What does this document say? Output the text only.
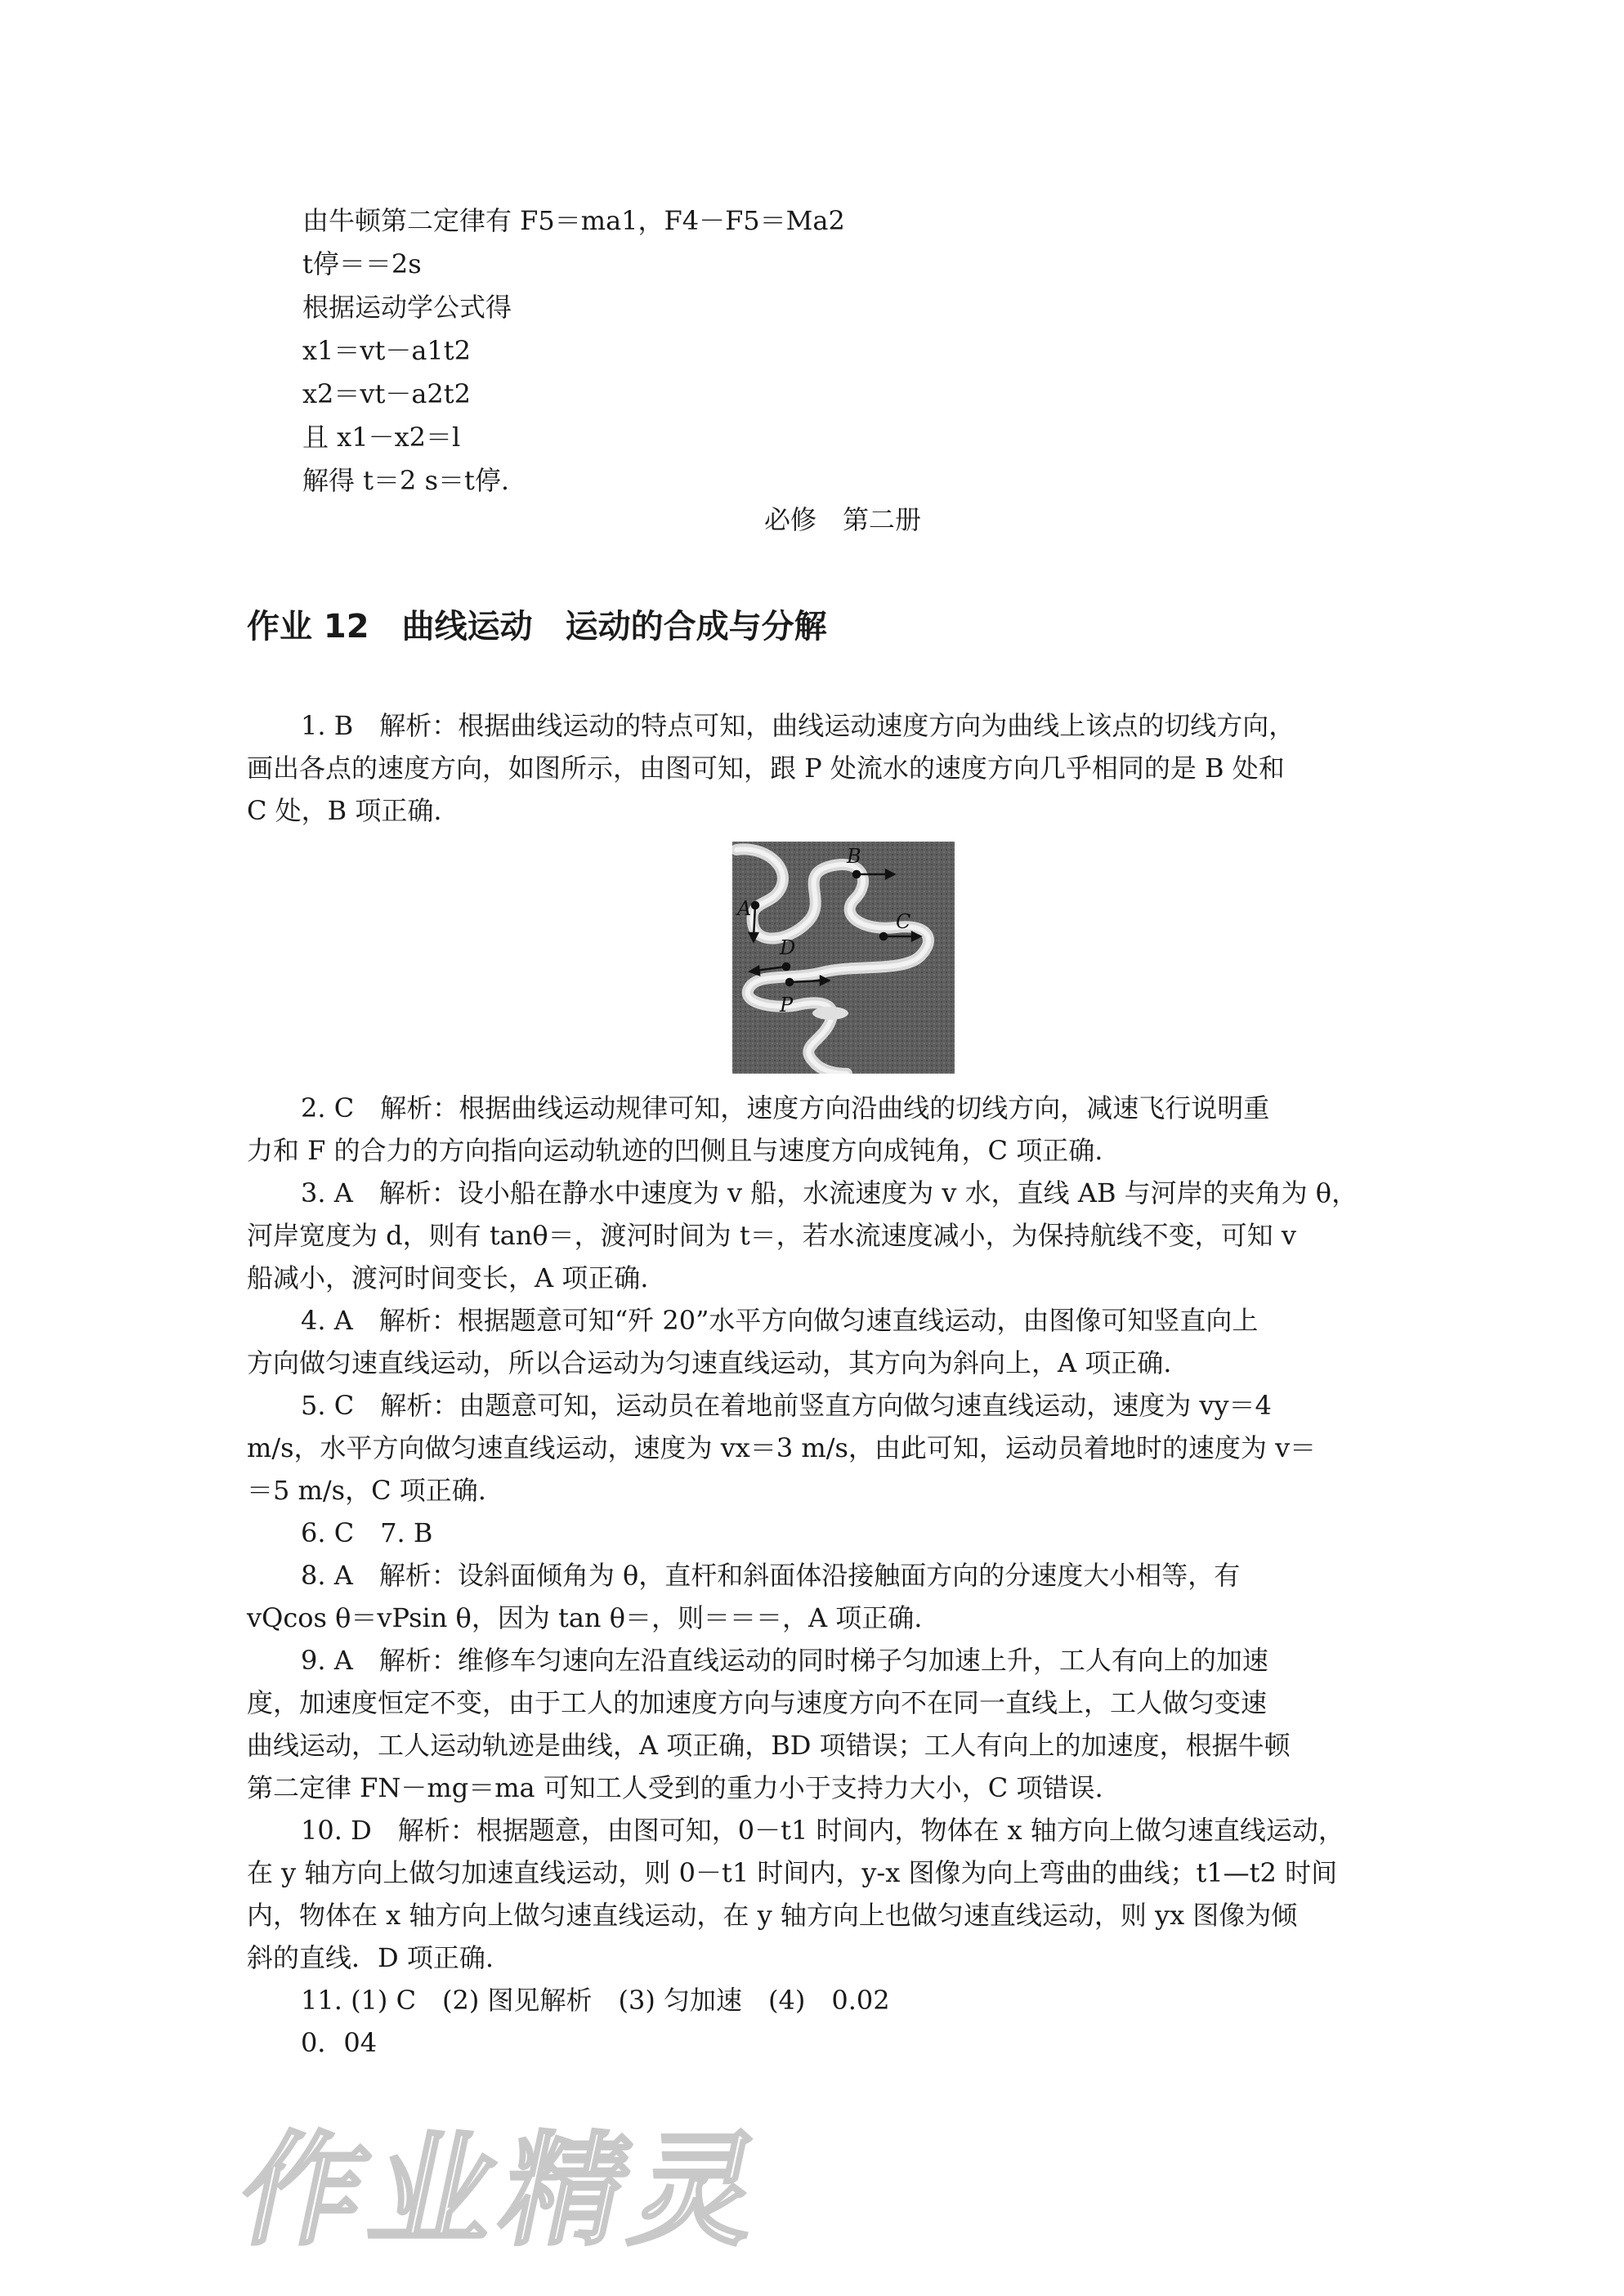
由牛顿第二定律有 F5＝ma1，F4－F5＝Ma2
t停＝＝2s
根据运动学公式得
x1＝vt－a1t2
x2＝vt－a2t2
且 x1－x2＝l
解得 t＝2 s＝t停.
必修　第二册
作业 12　曲线运动　运动的合成与分解
1. B　解析：根据曲线运动的特点可知，曲线运动速度方向为曲线上该点的切线方向，
画出各点的速度方向，如图所示，由图可知，跟 P 处流水的速度方向几乎相同的是 B 处和
C 处，B 项正确.
B
A
D
C
P
2. C　解析：根据曲线运动规律可知，速度方向沿曲线的切线方向，减速飞行说明重
力和 F 的合力的方向指向运动轨迹的凹侧且与速度方向成钝角，C 项正确.
3. A　解析：设小船在静水中速度为 v 船，水流速度为 v 水，直线 AB 与河岸的夹角为 θ，
河岸宽度为 d，则有 tanθ＝，渡河时间为 t＝，若水流速度减小，为保持航线不变，可知 v
船减小，渡河时间变长，A 项正确.
4. A　解析：根据题意可知“歼 20”水平方向做匀速直线运动，由图像可知竖直向上
方向做匀速直线运动，所以合运动为匀速直线运动，其方向为斜向上，A 项正确.
5. C　解析：由题意可知，运动员在着地前竖直方向做匀速直线运动，速度为 vy＝4
m/s，水平方向做匀速直线运动，速度为 vx＝3 m/s，由此可知，运动员着地时的速度为 v＝
＝5 m/s，C 项正确.
6. C　7. B
8. A　解析：设斜面倾角为 θ，直杆和斜面体沿接触面方向的分速度大小相等，有
vQcos θ＝vPsin θ，因为 tan θ＝，则＝＝＝，A 项正确.
9. A　解析：维修车匀速向左沿直线运动的同时梯子匀加速上升，工人有向上的加速
度，加速度恒定不变，由于工人的加速度方向与速度方向不在同一直线上，工人做匀变速
曲线运动，工人运动轨迹是曲线，A 项正确，BD 项错误；工人有向上的加速度，根据牛顿
第二定律 FN－mg＝ma 可知工人受到的重力小于支持力大小，C 项错误.
10. D　解析：根据题意，由图可知，0－t1 时间内，物体在 x 轴方向上做匀速直线运动，
在 y 轴方向上做匀加速直线运动，则 0－t1 时间内，y-x 图像为向上弯曲的曲线；t1—t2 时间
内，物体在 x 轴方向上做匀速直线运动，在 y 轴方向上也做匀速直线运动，则 yx 图像为倾
斜的直线．D 项正确.
11. (1) C　(2) 图见解析　(3) 匀加速　(4)　0.02
0．04
作业精灵
